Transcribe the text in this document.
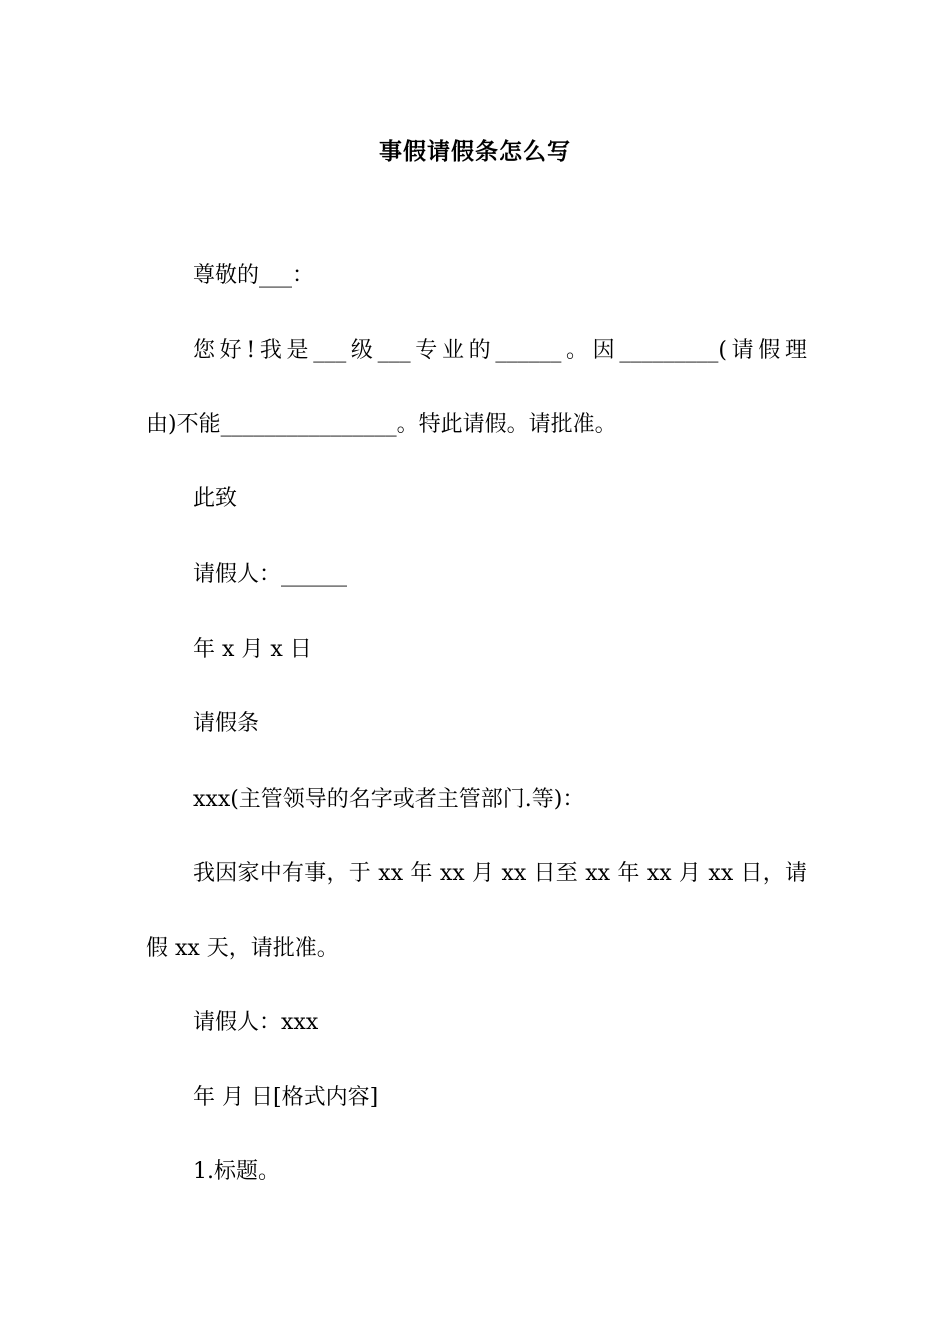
事假请假条怎么写
尊敬的___：
您好!我是___级___专业的______。因_________(请假理
由)不能________________。特此请假。请批准。
此致
请假人：______
年 x 月 x 日
请假条
xxx(主管领导的名字或者主管部门.等)：
我因家中有事，于 xx 年 xx 月 xx 日至 xx 年 xx 月 xx 日，请
假 xx 天，请批准。
请假人：xxx
年 月 日[格式内容]
1.标题。
